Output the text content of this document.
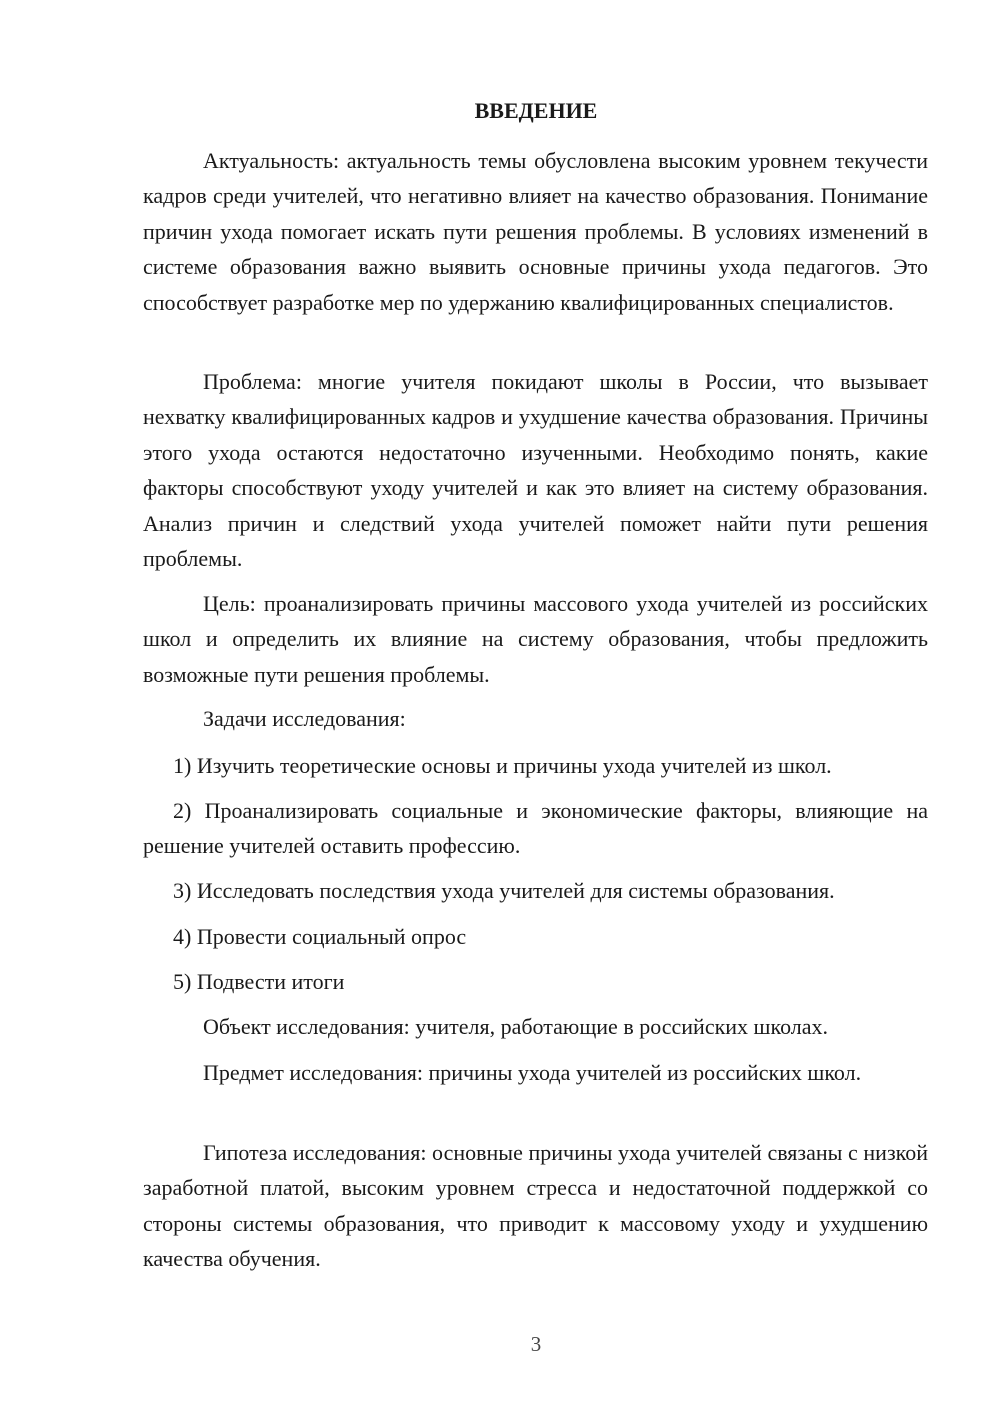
ВВЕДЕНИЕ

Актуальность: актуальность темы обусловлена высоким уровнем текучести кадров среди учителей, что негативно влияет на качество образования. Понимание причин ухода помогает искать пути решения проблемы. В условиях изменений в системе образования важно выявить основные причины ухода педагогов. Это способствует разработке мер по удержанию квалифицированных специалистов.

Проблема: многие учителя покидают школы в России, что вызывает нехватку квалифицированных кадров и ухудшение качества образования. Причины этого ухода остаются недостаточно изученными. Необходимо понять, какие факторы способствуют уходу учителей и как это влияет на систему образования. Анализ причин и следствий ухода учителей поможет найти пути решения проблемы.

Цель: проанализировать причины массового ухода учителей из российских школ и определить их влияние на систему образования, чтобы предложить возможные пути решения проблемы.

Задачи исследования:

1) Изучить теоретические основы и причины ухода учителей из школ.

2) Проанализировать социальные и экономические факторы, влияющие на решение учителей оставить профессию.

3) Исследовать последствия ухода учителей для системы образования.

4) Провести социальный опрос

5) Подвести итоги

Объект исследования: учителя, работающие в российских школах.

Предмет исследования: причины ухода учителей из российских школ.

Гипотеза исследования: основные причины ухода учителей связаны с низкой заработной платой, высоким уровнем стресса и недостаточной поддержкой со стороны системы образования, что приводит к массовому уходу и ухудшению качества обучения.

3
